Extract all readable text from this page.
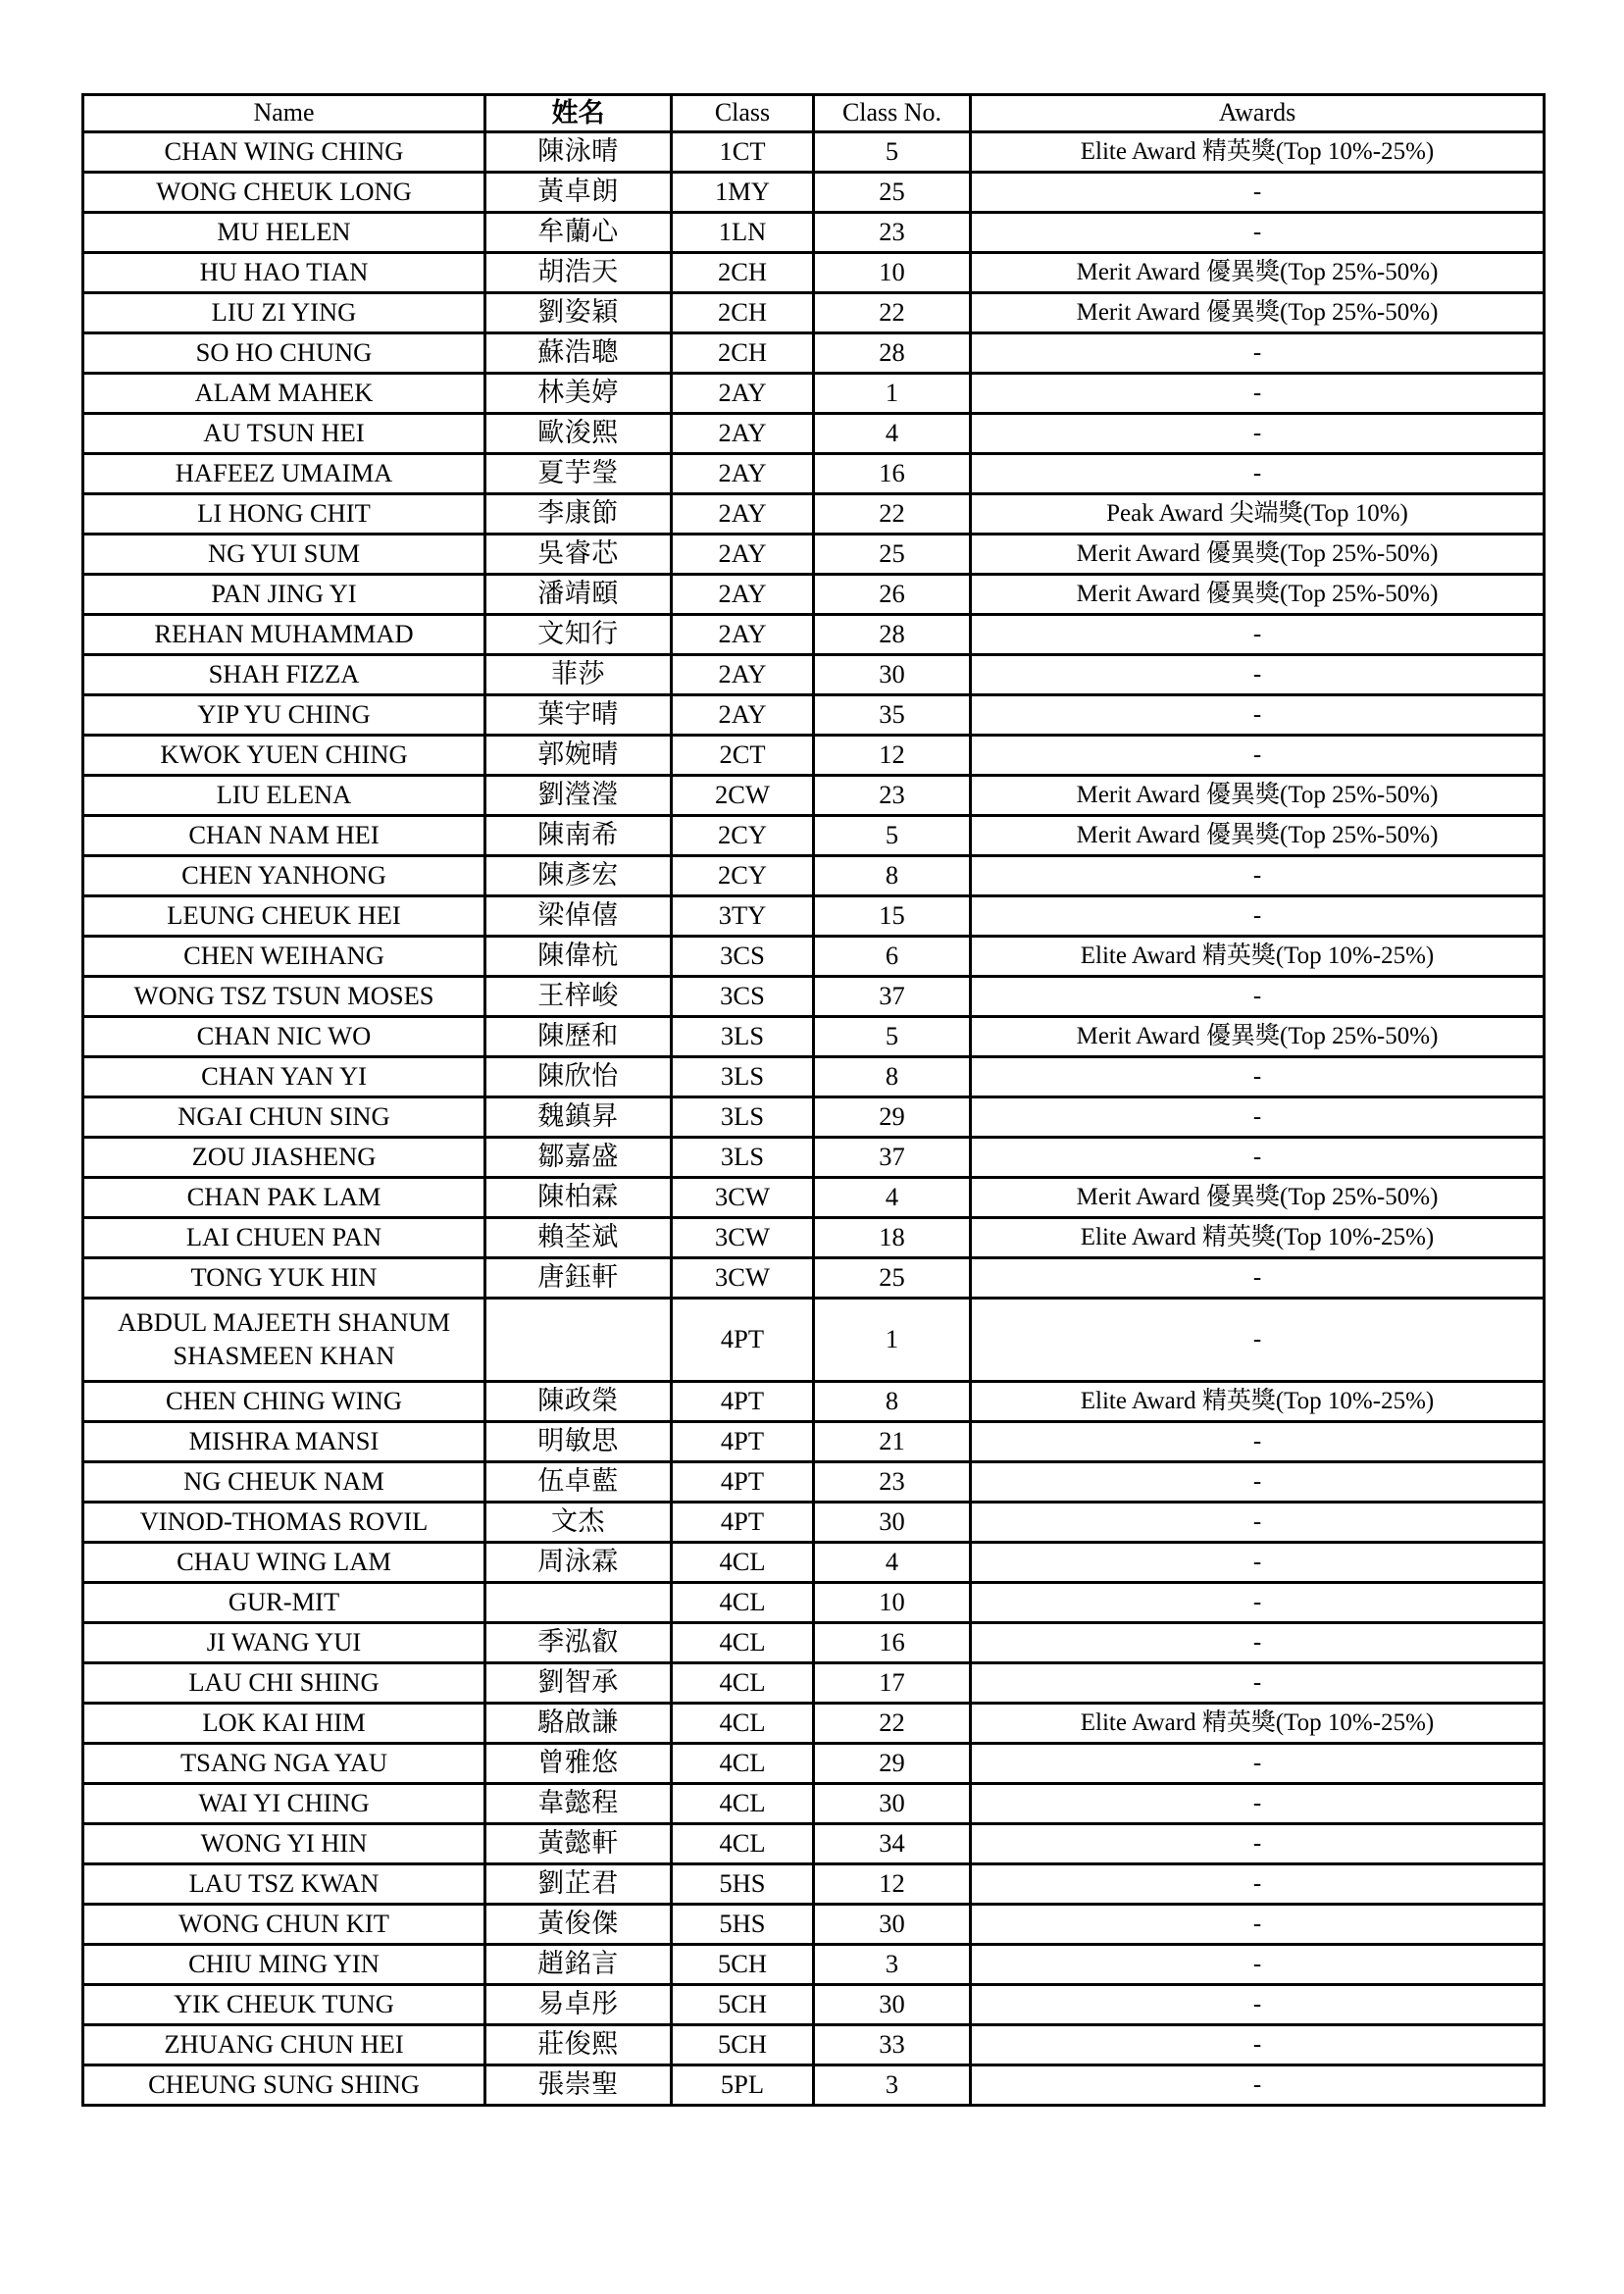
Name	姓名	Class	Class No.	Awards
CHAN WING CHING	陳泳晴	1CT	5	Elite Award 精英獎(Top 10%-25%)
WONG CHEUK LONG	黃卓朗	1MY	25	-
MU HELEN	牟蘭心	1LN	23	-
HU HAO TIAN	胡浩天	2CH	10	Merit Award 優異獎(Top 25%-50%)
LIU ZI YING	劉姿穎	2CH	22	Merit Award 優異獎(Top 25%-50%)
SO HO CHUNG	蘇浩聰	2CH	28	-
ALAM MAHEK	林美婷	2AY	1	-
AU TSUN HEI	歐浚熙	2AY	4	-
HAFEEZ UMAIMA	夏芋瑩	2AY	16	-
LI HONG CHIT	李康節	2AY	22	Peak Award 尖端獎(Top 10%)
NG YUI SUM	吳睿芯	2AY	25	Merit Award 優異獎(Top 25%-50%)
PAN JING YI	潘靖頤	2AY	26	Merit Award 優異獎(Top 25%-50%)
REHAN MUHAMMAD	文知行	2AY	28	-
SHAH FIZZA	菲莎	2AY	30	-
YIP YU CHING	葉宇晴	2AY	35	-
KWOK YUEN CHING	郭婉晴	2CT	12	-
LIU ELENA	劉瀅瀅	2CW	23	Merit Award 優異獎(Top 25%-50%)
CHAN NAM HEI	陳南希	2CY	5	Merit Award 優異獎(Top 25%-50%)
CHEN YANHONG	陳彥宏	2CY	8	-
LEUNG CHEUK HEI	梁倬僖	3TY	15	-
CHEN WEIHANG	陳偉杭	3CS	6	Elite Award 精英獎(Top 10%-25%)
WONG TSZ TSUN MOSES	王梓峻	3CS	37	-
CHAN NIC WO	陳歷和	3LS	5	Merit Award 優異獎(Top 25%-50%)
CHAN YAN YI	陳欣怡	3LS	8	-
NGAI CHUN SING	魏鎮昇	3LS	29	-
ZOU JIASHENG	鄒嘉盛	3LS	37	-
CHAN PAK LAM	陳柏霖	3CW	4	Merit Award 優異獎(Top 25%-50%)
LAI CHUEN PAN	賴荃斌	3CW	18	Elite Award 精英獎(Top 10%-25%)
TONG YUK HIN	唐鈺軒	3CW	25	-
ABDUL MAJEETH SHANUM SHASMEEN KHAN		4PT	1	-
CHEN CHING WING	陳政榮	4PT	8	Elite Award 精英獎(Top 10%-25%)
MISHRA MANSI	明敏思	4PT	21	-
NG CHEUK NAM	伍卓藍	4PT	23	-
VINOD-THOMAS ROVIL	文杰	4PT	30	-
CHAU WING LAM	周泳霖	4CL	4	-
GUR-MIT		4CL	10	-
JI WANG YUI	季泓叡	4CL	16	-
LAU CHI SHING	劉智承	4CL	17	-
LOK KAI HIM	駱啟謙	4CL	22	Elite Award 精英獎(Top 10%-25%)
TSANG NGA YAU	曾雅悠	4CL	29	-
WAI YI CHING	韋懿程	4CL	30	-
WONG YI HIN	黃懿軒	4CL	34	-
LAU TSZ KWAN	劉芷君	5HS	12	-
WONG CHUN KIT	黃俊傑	5HS	30	-
CHIU MING YIN	趙銘言	5CH	3	-
YIK CHEUK TUNG	易卓彤	5CH	30	-
ZHUANG CHUN HEI	莊俊熙	5CH	33	-
CHEUNG SUNG SHING	張崇聖	5PL	3	-
